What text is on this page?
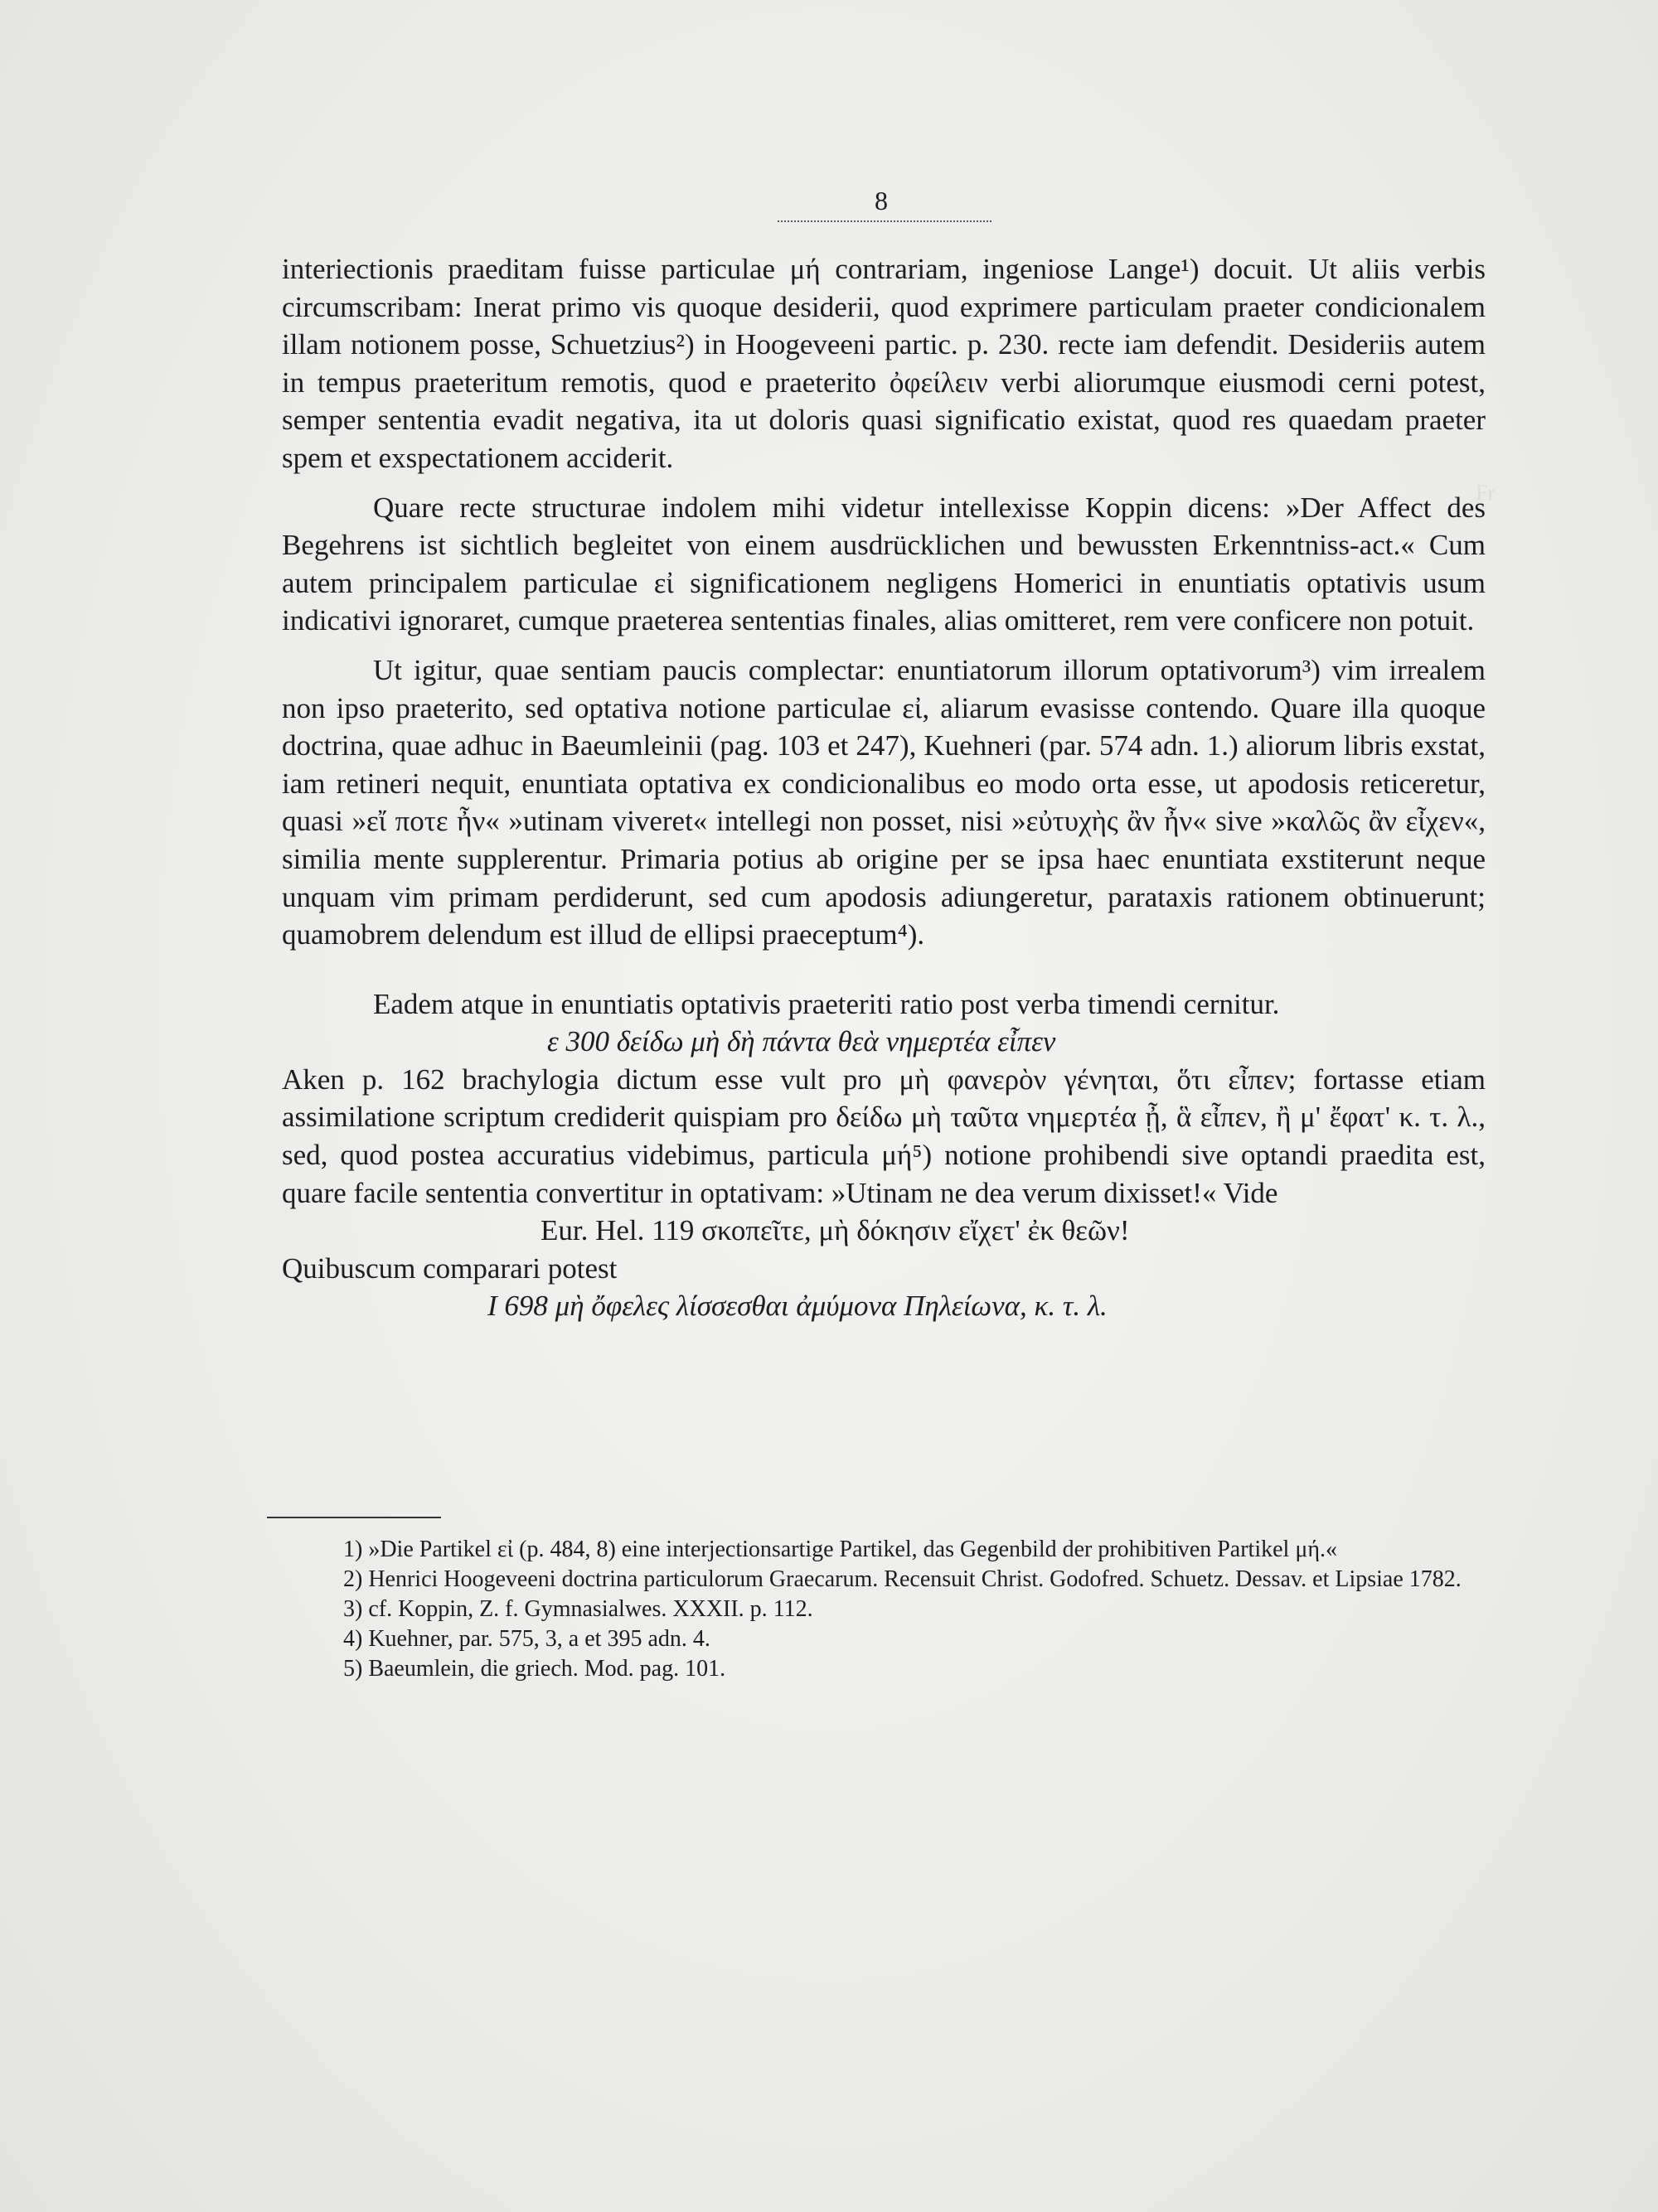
Fr
8

interiectionis praeditam fuisse particulae μή contrariam, ingeniose Lange¹) docuit. Ut aliis verbis circumscribam: Inerat primo vis quoque desiderii, quod exprimere particulam praeter condicionalem illam notionem posse, Schuetzius²) in Hoogeveeni partic. p. 230. recte iam defendit. Desideriis autem in tempus praeteritum remotis, quod e praeterito ὀφείλειν verbi aliorumque eiusmodi cerni potest, semper sententia evadit negativa, ita ut doloris quasi significatio existat, quod res quaedam praeter spem et exspectationem acciderit.

Quare recte structurae indolem mihi videtur intellexisse Koppin dicens: »Der Affect des Begehrens ist sichtlich begleitet von einem ausdrücklichen und bewussten Erkenntniss-act.« Cum autem principalem particulae εἰ significationem negligens Homerici in enuntiatis optativis usum indicativi ignoraret, cumque praeterea sententias finales, alias omitteret, rem vere conficere non potuit.

Ut igitur, quae sentiam paucis complectar: enuntiatorum illorum optativorum³) vim irrealem non ipso praeterito, sed optativa notione particulae εἰ, aliarum evasisse contendo. Quare illa quoque doctrina, quae adhuc in Baeumleinii (pag. 103 et 247), Kuehneri (par. 574 adn. 1.) aliorum libris exstat, iam retineri nequit, enuntiata optativa ex condicionalibus eo modo orta esse, ut apodosis reticeretur, quasi »εἴ ποτε ἦν« »utinam viveret« intellegi non posset, nisi »εὐτυχὴς ἂν ἦν« sive »καλῶς ἂν εἶχεν«, similia mente supplerentur. Primaria potius ab origine per se ipsa haec enuntiata exstiterunt neque unquam vim primam perdiderunt, sed cum apodosis adiungeretur, parataxis rationem obtinuerunt; quamobrem delendum est illud de ellipsi praeceptum⁴).

Eadem atque in enuntiatis optativis praeteriti ratio post verba timendi cernitur.

ε 300 δείδω μὴ δὴ πάντα θεὰ νημερτέα εἶπεν

Aken p. 162 brachylogia dictum esse vult pro μὴ φανερὸν γένηται, ὅτι εἶπεν; fortasse etiam assimilatione scriptum crediderit quispiam pro δείδω μὴ ταῦτα νημερτέα ᾖ, ἃ εἶπεν, ἢ μ' ἔφατ' κ. τ. λ., sed, quod postea accuratius videbimus, particula μή⁵) notione prohibendi sive optandi praedita est, quare facile sententia convertitur in optativam: »Utinam ne dea verum dixisset!« Vide

Eur. Hel. 119 σκοπεῖτε, μὴ δόκησιν εἴχετ' ἐκ θεῶν!

Quibuscum comparari potest

Ι 698 μὴ ὄφελες λίσσεσθαι ἀμύμονα Πηλείωνα, κ. τ. λ.

1) »Die Partikel εἰ (p. 484, 8) eine interjectionsartige Partikel, das Gegenbild der prohibitiven Partikel μή.«

2) Henrici Hoogeveeni doctrina particulorum Graecarum. Recensuit Christ. Godofred. Schuetz. Dessav. et Lipsiae 1782.

3) cf. Koppin, Z. f. Gymnasialwes. XXXII. p. 112.

4) Kuehner, par. 575, 3, a et 395 adn. 4.

5) Baeumlein, die griech. Mod. pag. 101.
